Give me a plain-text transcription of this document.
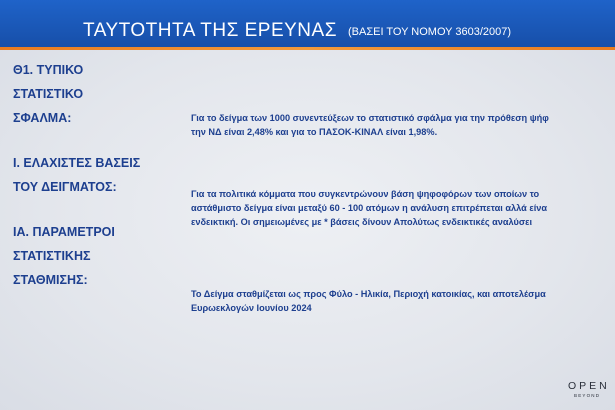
ΤΑΥΤΟΤΗΤΑ ΤΗΣ ΕΡΕΥΝΑΣ (ΒΑΣΕΙ ΤΟΥ ΝΟΜΟΥ 3603/2007)
Θ1. ΤΥΠΙΚΟ
ΣΤΑΤΙΣΤΙΚΟ
ΣΦΑΛΜΑ:	Για το δείγμα των 1000 συνεντεύξεων το στατιστικό σφάλμα για την πρόθεση ψήφ
την ΝΔ είναι 2,48% και για το ΠΑΣΟΚ-ΚΙΝΑΛ είναι 1,98%.
Ι. ΕΛΑΧΙΣΤΕΣ ΒΑΣΕΙΣ
ΤΟΥ ΔΕΙΓΜΑΤΟΣ:	Για τα πολιτικά κόμματα που συγκεντρώνουν βάση ψηφοφόρων των οποίων το
αστάθμιστο δείγμα είναι μεταξύ 60 - 100 ατόμων η ανάλυση επιτρέπεται αλλά είνα
ενδεικτική. Οι σημειωμένες με * βάσεις δίνουν Απολύτως ενδεικτικές αναλύσει
ΙΑ. ΠΑΡΑΜΕΤΡΟΙ
ΣΤΑΤΙΣΤΙΚΗΣ
ΣΤΑΘΜΙΣΗΣ:
Το Δείγμα σταθμίζεται ως προς Φύλο - Ηλικία, Περιοχή κατοικίας, και αποτελέσμα
Ευρωεκλογών Ιουνίου 2024
OPEN
BEYOND
